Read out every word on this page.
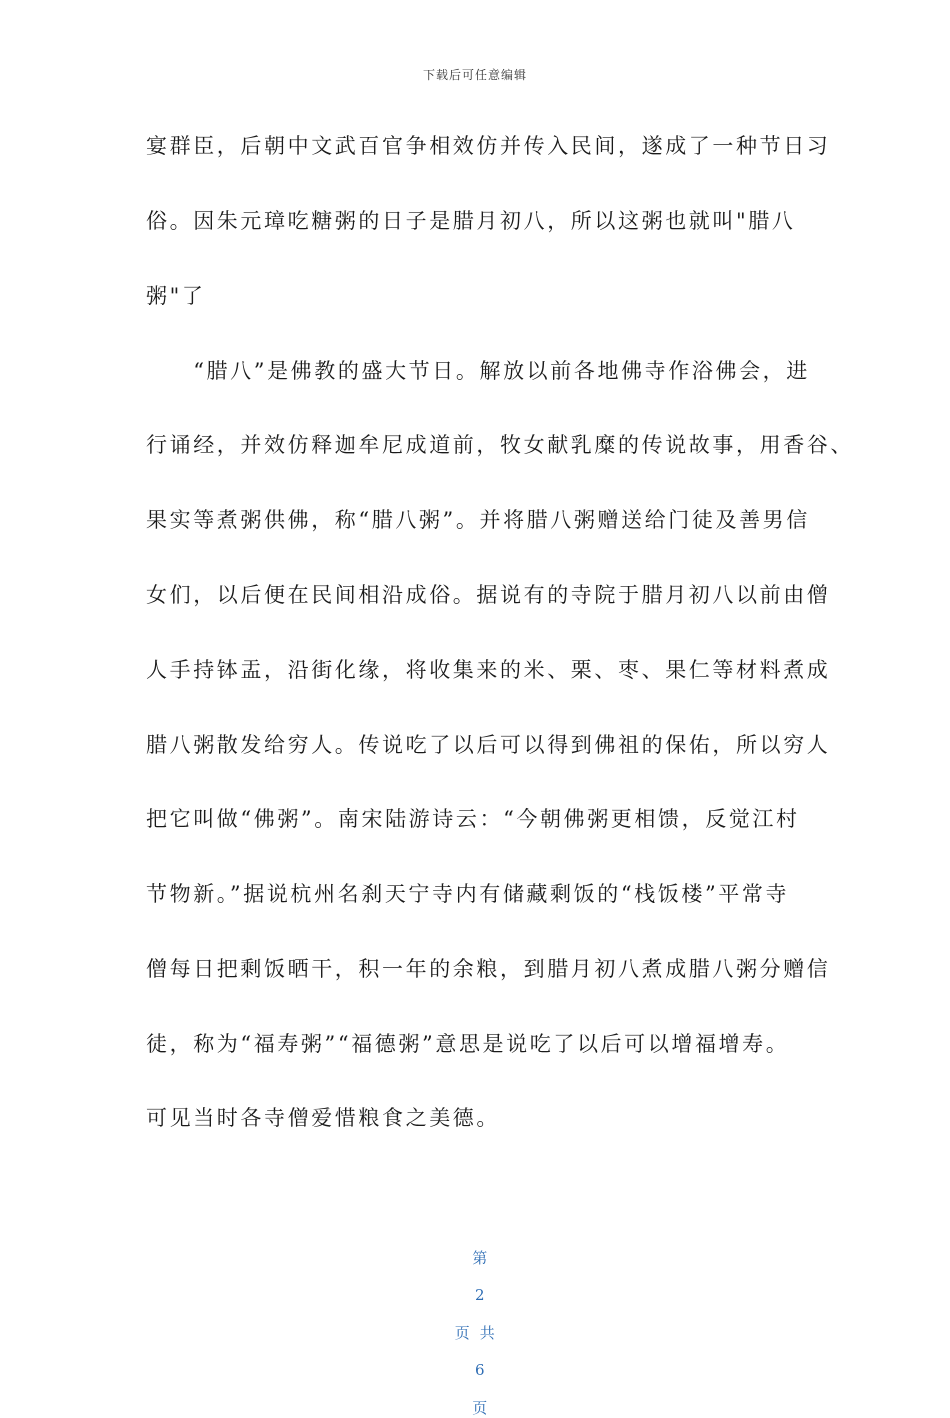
下载后可任意编辑
宴群臣，后朝中文武百官争相效仿并传入民间，遂成了一种节日习
俗。因朱元璋吃糖粥的日子是腊月初八，所以这粥也就叫"腊八
粥"了
　　“腊八”是佛教的盛大节日。解放以前各地佛寺作浴佛会，进
行诵经，并效仿释迦牟尼成道前，牧女献乳糜的传说故事，用香谷、
果实等煮粥供佛，称“腊八粥”。并将腊八粥赠送给门徒及善男信
女们，以后便在民间相沿成俗。据说有的寺院于腊月初八以前由僧
人手持钵盂，沿街化缘，将收集来的米、栗、枣、果仁等材料煮成
腊八粥散发给穷人。传说吃了以后可以得到佛祖的保佑，所以穷人
把它叫做“佛粥”。南宋陆游诗云：“今朝佛粥更相馈，反觉江村
节物新。”据说杭州名刹天宁寺内有储藏剩饭的“栈饭楼”平常寺
僧每日把剩饭晒干，积一年的余粮，到腊月初八煮成腊八粥分赠信
徒，称为“福寿粥”“福德粥”意思是说吃了以后可以增福增寿。
可见当时各寺僧爱惜粮食之美德。

第

2

页共

6

页
